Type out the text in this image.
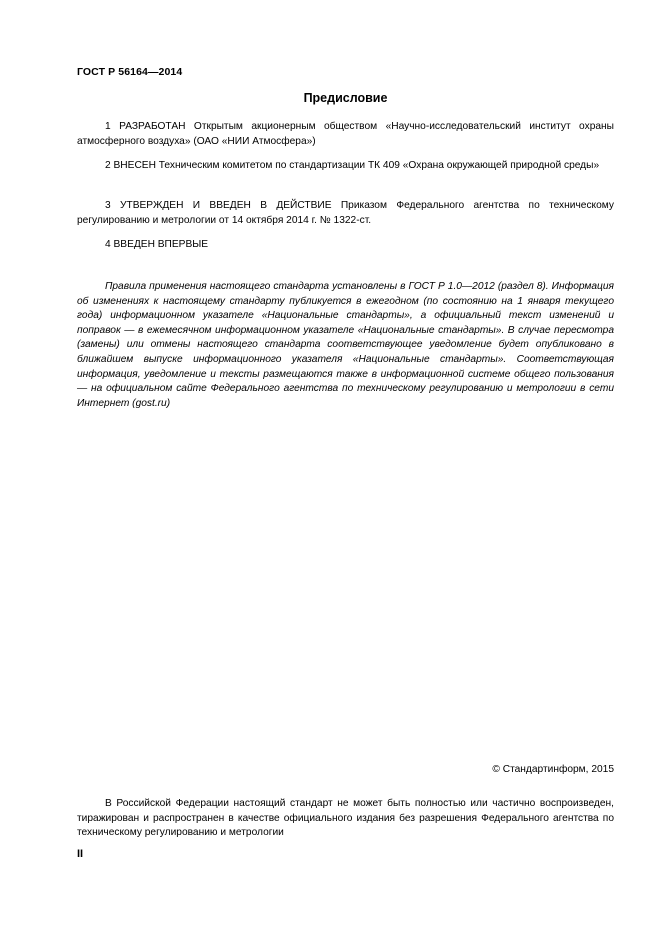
ГОСТ Р 56164—2014
Предисловие

1 РАЗРАБОТАН Открытым акционерным обществом «Научно-исследовательский институт охраны атмосферного воздуха» (ОАО «НИИ Атмосфера»)

2 ВНЕСЕН Техническим комитетом по стандартизации ТК 409 «Охрана окружающей природной среды»

3 УТВЕРЖДЕН И ВВЕДЕН В ДЕЙСТВИЕ Приказом Федерального агентства по техническому регулированию и метрологии от 14 октября 2014 г. № 1322-ст.

4 ВВЕДЕН ВПЕРВЫЕ

Правила применения настоящего стандарта установлены в ГОСТ Р 1.0—2012 (раздел 8). Информация об изменениях к настоящему стандарту публикуется в ежегодном (по состоянию на 1 января текущего года) информационном указателе «Национальные стандарты», а официальный текст изменений и поправок — в ежемесячном информационном указателе «Национальные стандарты». В случае пересмотра (замены) или отмены настоящего стандарта соответствующее уведомление будет опубликовано в ближайшем выпуске информационного указателя «Национальные стандарты». Соответствующая информация, уведомление и тексты размещаются также в информационной системе общего пользования — на официальном сайте Федерального агентства по техническому регулированию и метрологии в сети Интернет (gost.ru)

© Стандартинформ, 2015

В Российской Федерации настоящий стандарт не может быть полностью или частично воспроизведен, тиражирован и распространен в качестве официального издания без разрешения Федерального агентства по техническому регулированию и метрологии

II
